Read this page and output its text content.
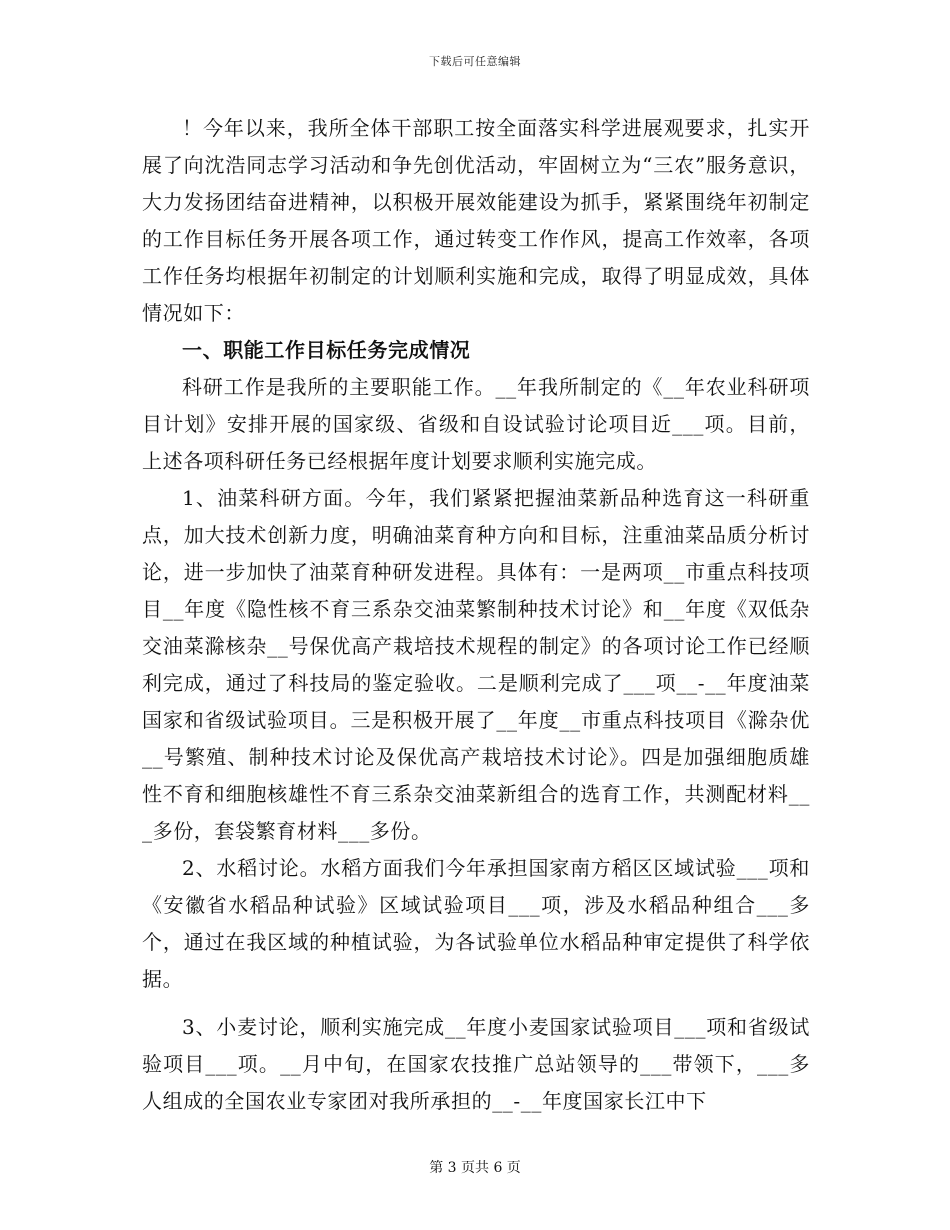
下载后可任意编辑

！今年以来，我所全体干部职工按全面落实科学进展观要求，扎实开展了向沈浩同志学习活动和争先创优活动，牢固树立为“三农”服务意识，大力发扬团结奋进精神，以积极开展效能建设为抓手，紧紧围绕年初制定的工作目标任务开展各项工作，通过转变工作作风，提高工作效率，各项工作任务均根据年初制定的计划顺利实施和完成，取得了明显成效，具体情况如下：

一、职能工作目标任务完成情况

科研工作是我所的主要职能工作。__年我所制定的《__年农业科研项目计划》安排开展的国家级、省级和自设试验讨论项目近___项。目前，上述各项科研任务已经根据年度计划要求顺利实施完成。

1、油菜科研方面。今年，我们紧紧把握油菜新品种选育这一科研重点，加大技术创新力度，明确油菜育种方向和目标，注重油菜品质分析讨论，进一步加快了油菜育种研发进程。具体有：一是两项__市重点科技项目__年度《隐性核不育三系杂交油菜繁制种技术讨论》和__年度《双低杂交油菜滁核杂__号保优高产栽培技术规程的制定》的各项讨论工作已经顺利完成，通过了科技局的鉴定验收。二是顺利完成了___项__-__年度油菜国家和省级试验项目。三是积极开展了__年度__市重点科技项目《滁杂优__号繁殖、制种技术讨论及保优高产栽培技术讨论》。四是加强细胞质雄性不育和细胞核雄性不育三系杂交油菜新组合的选育工作，共测配材料___多份，套袋繁育材料___多份。

2、水稻讨论。水稻方面我们今年承担国家南方稻区区域试验___项和《安徽省水稻品种试验》区域试验项目___项，涉及水稻品种组合___多个，通过在我区域的种植试验，为各试验单位水稻品种审定提供了科学依据。

3、小麦讨论，顺利实施完成__年度小麦国家试验项目___项和省级试验项目___项。__月中旬，在国家农技推广总站领导的___带领下，___多人组成的全国农业专家团对我所承担的__-__年度国家长江中下

第 3 页共 6 页
